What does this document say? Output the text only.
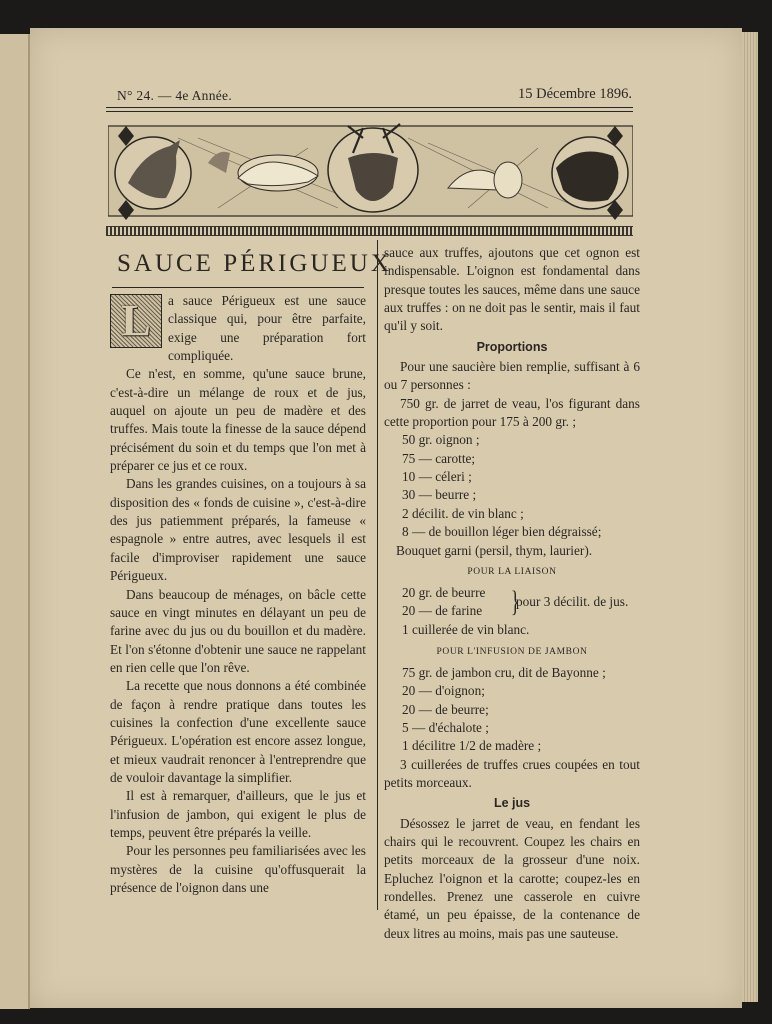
N° 24. — 4e Année.	15 Décembre 1896.
SAUCE PÉRIGUEUX
L	a sauce Périgueux est une sauce classique qui, pour être parfaite, exige une préparation fort compliquée.

Ce n'est, en somme, qu'une sauce brune, c'est-à-dire un mélange de roux et de jus, auquel on ajoute un peu de madère et des truffes. Mais toute la finesse de la sauce dépend précisément du soin et du temps que l'on met à préparer ce jus et ce roux.

Dans les grandes cuisines, on a toujours à sa disposition des « fonds de cuisine », c'est-à-dire des jus patiemment préparés, la fameuse « espagnole » entre autres, avec lesquels il est facile d'improviser rapidement une sauce Périgueux.

Dans beaucoup de ménages, on bâcle cette sauce en vingt minutes en délayant un peu de farine avec du jus ou du bouillon et du madère. Et l'on s'étonne d'obtenir une sauce ne rappelant en rien celle que l'on rêve.

La recette que nous donnons a été combinée de façon à rendre pratique dans toutes les cuisines la confection d'une excellente sauce Périgueux. L'opération est encore assez longue, et mieux vaudrait renoncer à l'entreprendre que de vouloir davantage la simplifier.

Il est à remarquer, d'ailleurs, que le jus et l'infusion de jambon, qui exigent le plus de temps, peuvent être préparés la veille.

Pour les personnes peu familiarisées avec les mystères de la cuisine qu'offusquerait la présence de l'oignon dans une

sauce aux truffes, ajoutons que cet ognon est indispensable. L'oignon est fondamental dans presque toutes les sauces, même dans une sauce aux truffes : on ne doit pas le sentir, mais il faut qu'il y soit.

Proportions

Pour une saucière bien remplie, suffisant à 6 ou 7 personnes :

750 gr. de jarret de veau, l'os figurant dans cette proportion pour 175 à 200 gr. ;

50 gr. oignon ;
75 — carotte;
10 — céleri ;
30 — beurre ;
2 décilit. de vin blanc ;
8 — de bouillon léger bien dégraissé;
Bouquet garni (persil, thym, laurier).
POUR LA LIAISON
20 gr. de beurre
20 — de farine }
pour 3 décilit. de jus.
1 cuillerée de vin blanc.
POUR L'INFUSION DE JAMBON
75 gr. de jambon cru, dit de Bayonne ;
20 — d'oignon;
20 — de beurre;
5 — d'échalote ;
1 décilitre 1/2 de madère ;

3 cuillerées de truffes crues coupées en tout petits morceaux.

Le jus

Désossez le jarret de veau, en fendant les chairs qui le recouvrent. Coupez les chairs en petits morceaux de la grosseur d'une noix. Epluchez l'oignon et la carotte; coupez-les en rondelles. Prenez une casserole en cuivre étamé, un peu épaisse, de la contenance de deux litres au moins, mais pas une sauteuse.
